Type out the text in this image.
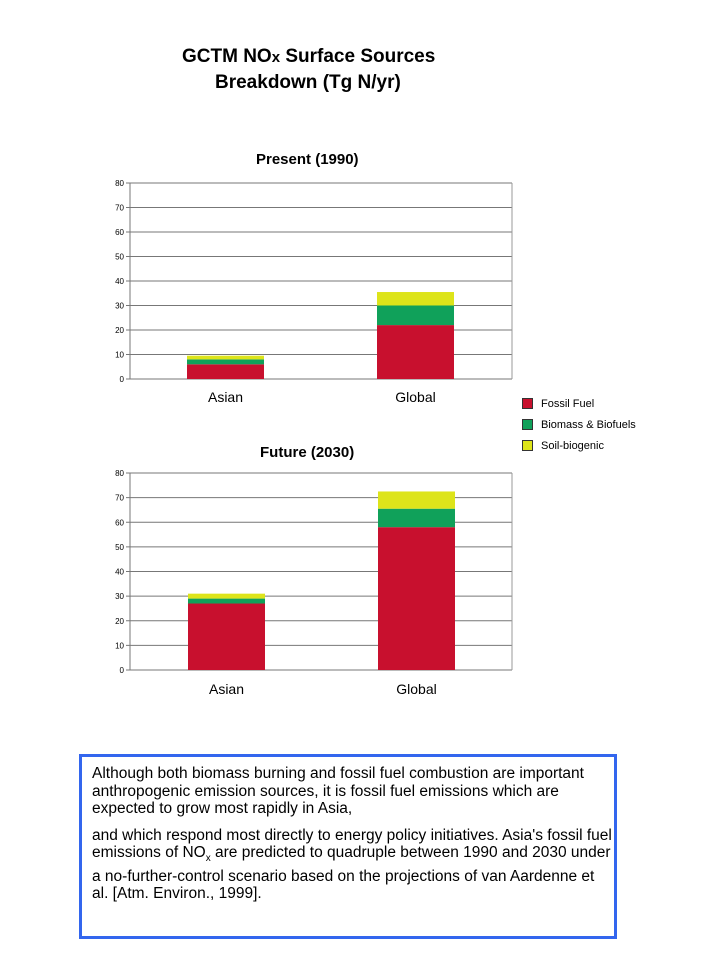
GCTM NOx Surface Sources
Breakdown (Tg N/yr)
Present (1990)
Future (2030)
0
10
20
30
40
50
60
70
80
Asian	Global
0
10
20
30
40
50
60
70
80
Asian	Global
Fossil Fuel
Biomass & Biofuels
Soil-biogenic

Although both biomass burning and fossil fuel combustion are important anthropogenic emission sources, it is fossil fuel emissions which are expected to grow most rapidly in Asia,

and which respond most directly to energy policy initiatives. Asia's fossil fuel emissions of $NO_x$ are predicted to quadruple between 1990 and 2030 under a no-further-control scenario based on the projections of van Aardenne et al. [Atm. Environ., 1999].
